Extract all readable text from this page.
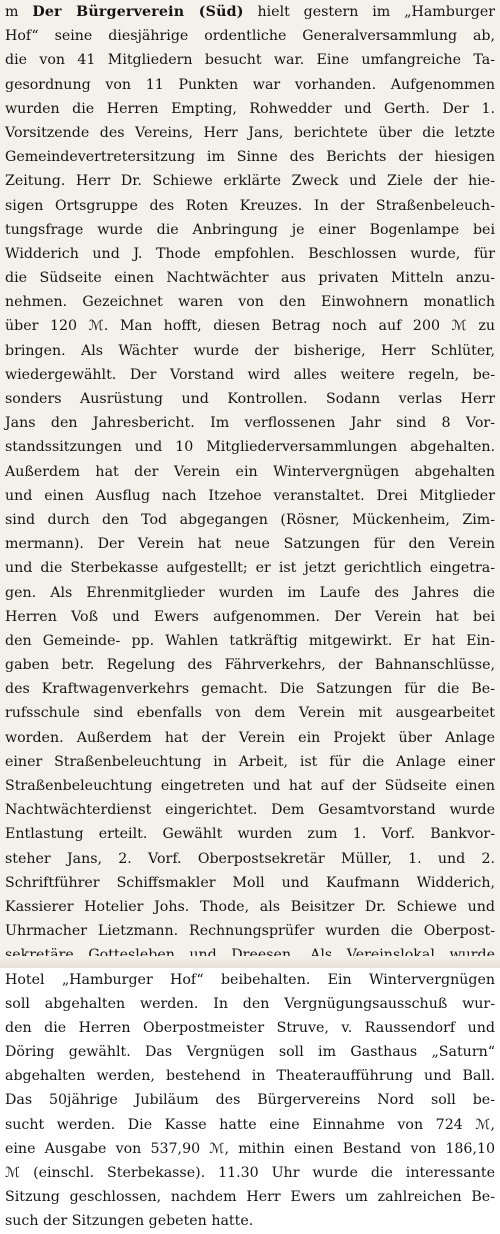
m Der Bürgerverein (Süd) hielt gestern im „Hamburger
Hof“ seine diesjährige ordentliche Generalversammlung ab,
die von 41 Mitgliedern besucht war. Eine umfangreiche Ta-
gesordnung von 11 Punkten war vorhanden. Aufgenommen
wurden die Herren Empting, Rohwedder und Gerth. Der 1.
Vorsitzende des Vereins, Herr Jans, berichtete über die letzte
Gemeindevertretersitzung im Sinne des Berichts der hiesigen
Zeitung. Herr Dr. Schiewe erklärte Zweck und Ziele der hie-
sigen Ortsgruppe des Roten Kreuzes. In der Straßenbeleuch-
tungsfrage wurde die Anbringung je einer Bogenlampe bei
Widderich und J. Thode empfohlen. Beschlossen wurde, für
die Südseite einen Nachtwächter aus privaten Mitteln anzu-
nehmen. Gezeichnet waren von den Einwohnern monatlich
über 120 ℳ. Man hofft, diesen Betrag noch auf 200 ℳ zu
bringen. Als Wächter wurde der bisherige, Herr Schlüter,
wiedergewählt. Der Vorstand wird alles weitere regeln, be-
sonders Ausrüstung und Kontrollen. Sodann verlas Herr
Jans den Jahresbericht. Im verflossenen Jahr sind 8 Vor-
standssitzungen und 10 Mitgliederversammlungen abgehalten.
Außerdem hat der Verein ein Wintervergnügen abgehalten
und einen Ausflug nach Itzehoe veranstaltet. Drei Mitglieder
sind durch den Tod abgegangen (Rösner, Mückenheim, Zim-
mermann). Der Verein hat neue Satzungen für den Verein
und die Sterbekasse aufgestellt; er ist jetzt gerichtlich eingetra-
gen. Als Ehrenmitglieder wurden im Laufe des Jahres die
Herren Voß und Ewers aufgenommen. Der Verein hat bei
den Gemeinde- pp. Wahlen tatkräftig mitgewirkt. Er hat Ein-
gaben betr. Regelung des Fährverkehrs, der Bahnanschlüsse,
des Kraftwagenverkehrs gemacht. Die Satzungen für die Be-
rufsschule sind ebenfalls von dem Verein mit ausgearbeitet
worden. Außerdem hat der Verein ein Projekt über Anlage
einer Straßenbeleuchtung in Arbeit, ist für die Anlage einer
Straßenbeleuchtung eingetreten und hat auf der Südseite einen
Nachtwächterdienst eingerichtet. Dem Gesamtvorstand wurde
Entlastung erteilt. Gewählt wurden zum 1. Vorf. Bankvor-
steher Jans, 2. Vorf. Oberpostsekretär Müller, 1. und 2.
Schriftführer Schiffsmakler Moll und Kaufmann Widderich,
Kassierer Hotelier Johs. Thode, als Beisitzer Dr. Schiewe und
Uhrmacher Lietzmann. Rechnungsprüfer wurden die Oberpost-
Hotel „Hamburger Hof“ beibehalten. Ein Wintervergnügen
soll abgehalten werden. In den Vergnügungsausschuß wur-
den die Herren Oberpostmeister Struve, v. Raussendorf und
Döring gewählt. Das Vergnügen soll im Gasthaus „Saturn“
abgehalten werden, bestehend in Theateraufführung und Ball.
Das 50jährige Jubiläum des Bürgervereins Nord soll be-
sucht werden. Die Kasse hatte eine Einnahme von 724 ℳ,
eine Ausgabe von 537,90 ℳ, mithin einen Bestand von 186,10
ℳ (einschl. Sterbekasse). 11.30 Uhr wurde die interessante
Sitzung geschlossen, nachdem Herr Ewers um zahlreichen Be-
such der Sitzungen gebeten hatte.
